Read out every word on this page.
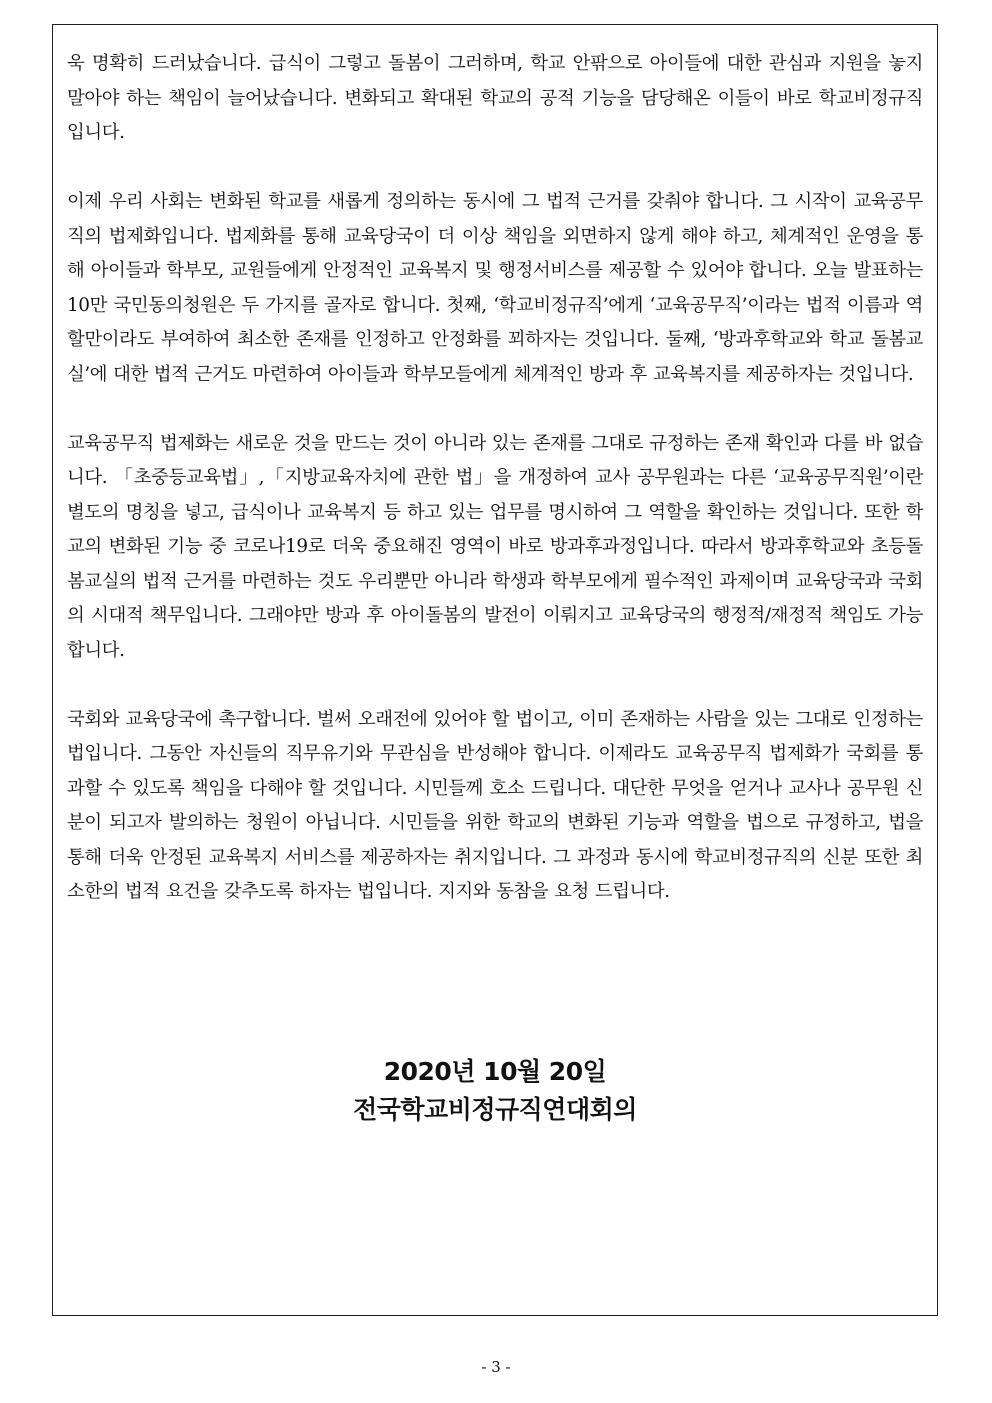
욱 명확히 드러났습니다. 급식이 그렇고 돌봄이 그러하며, 학교 안팎으로 아이들에 대한 관심과 지원을 놓지 말아야 하는 책임이 늘어났습니다. 변화되고 확대된 학교의 공적 기능을 담당해온 이들이 바로 학교비정규직입니다.

이제 우리 사회는 변화된 학교를 새롭게 정의하는 동시에 그 법적 근거를 갖춰야 합니다. 그 시작이 교육공무직의 법제화입니다. 법제화를 통해 교육당국이 더 이상 책임을 외면하지 않게 해야 하고, 체계적인 운영을 통해 아이들과 학부모, 교원들에게 안정적인 교육복지 및 행정서비스를 제공할 수 있어야 합니다. 오늘 발표하는 10만 국민동의청원은 두 가지를 골자로 합니다. 첫째, ‘학교비정규직’에게 ‘교육공무직’이라는 법적 이름과 역할만이라도 부여하여 최소한 존재를 인정하고 안정화를 꾀하자는 것입니다. 둘째, ‘방과후학교와 학교 돌봄교실’에 대한 법적 근거도 마련하여 아이들과 학부모들에게 체계적인 방과 후 교육복지를 제공하자는 것입니다.

교육공무직 법제화는 새로운 것을 만드는 것이 아니라 있는 존재를 그대로 규정하는 존재 확인과 다를 바 없습니다. 「초중등교육법」,「지방교육자치에 관한 법」을 개정하여 교사 공무원과는 다른 ‘교육공무직원’이란 별도의 명칭을 넣고, 급식이나 교육복지 등 하고 있는 업무를 명시하여 그 역할을 확인하는 것입니다. 또한 학교의 변화된 기능 중 코로나19로 더욱 중요해진 영역이 바로 방과후과정입니다. 따라서 방과후학교와 초등돌봄교실의 법적 근거를 마련하는 것도 우리뿐만 아니라 학생과 학부모에게 필수적인 과제이며 교육당국과 국회의 시대적 책무입니다. 그래야만 방과 후 아이돌봄의 발전이 이뤄지고 교육당국의 행정적/재정적 책임도 가능합니다.

국회와 교육당국에 촉구합니다. 벌써 오래전에 있어야 할 법이고, 이미 존재하는 사람을 있는 그대로 인정하는 법입니다. 그동안 자신들의 직무유기와 무관심을 반성해야 합니다. 이제라도 교육공무직 법제화가 국회를 통과할 수 있도록 책임을 다해야 할 것입니다. 시민들께 호소 드립니다. 대단한 무엇을 얻거나 교사나 공무원 신분이 되고자 발의하는 청원이 아닙니다. 시민들을 위한 학교의 변화된 기능과 역할을 법으로 규정하고, 법을 통해 더욱 안정된 교육복지 서비스를 제공하자는 취지입니다. 그 과정과 동시에 학교비정규직의 신분 또한 최소한의 법적 요건을 갖추도록 하자는 법입니다. 지지와 동참을 요청 드립니다.

2020년 10월 20일
전국학교비정규직연대회의
- 3 -
